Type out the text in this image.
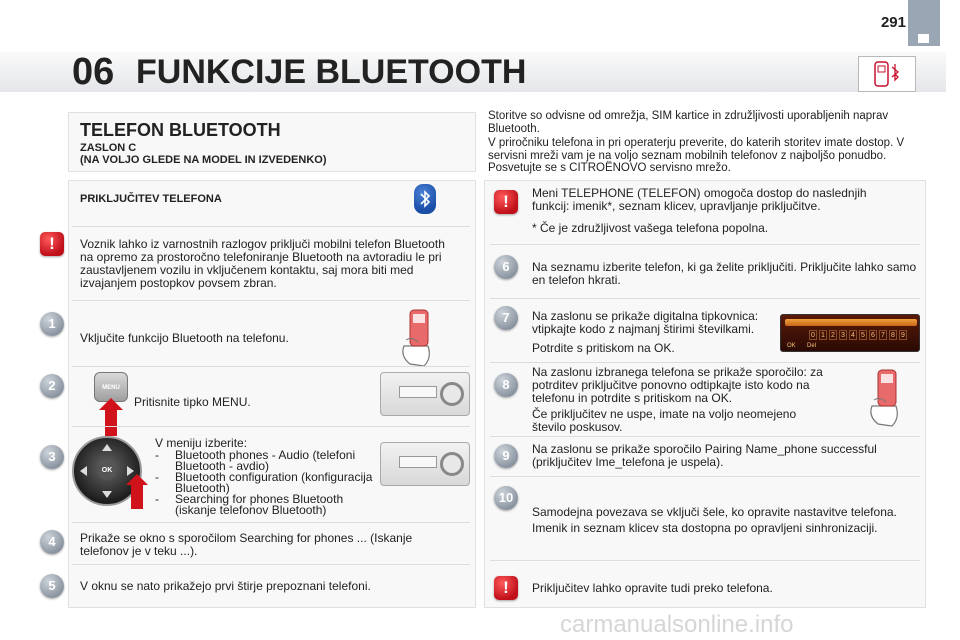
291
06 FUNKCIJE BLUETOOTH
TELEFON BLUETOOTH
ZASLON C
(NA VOLJO GLEDE NA MODEL IN IZVEDENKO)
PRIKLJUČITEV TELEFONA
!	Voznik lahko iz varnostnih razlogov priključi mobilni telefon Bluetooth na opremo za prostoročno telefoniranje Bluetooth na avtoradiu le pri zaustavljenem vozilu in vključenem kontaktu, saj mora biti med izvajanjem postopkov povsem zbran.
1
Vključite funkcijo Bluetooth na telefonu.
2	MENU
Pritisnite tipko MENU.
3
OK
V meniju izberite:
-	Bluetooth phones - Audio (telefoni Bluetooth - avdio)
-	Bluetooth configuration (konfiguracija Bluetooth)
-	Searching for phones Bluetooth (iskanje telefonov Bluetooth)
4	Prikaže se okno s sporočilom Searching for phones ... (Iskanje telefonov je v teku ...).
5	V oknu se nato prikažejo prvi štirje prepoznani telefoni.
Storitve so odvisne od omrežja, SIM kartice in združljivosti uporabljenih naprav Bluetooth.
V priročniku telefona in pri operaterju preverite, do katerih storitev imate dostop. V servisni mreži vam je na voljo seznam mobilnih telefonov z najboljšo ponudbo. Posvetujte se s CITROËNOVO servisno mrežo.
!	Meni TELEPHONE (TELEFON) omogoča dostop do naslednjih funkcij: imenik*, seznam klicev, upravljanje priključitve.
* Če je združljivost vašega telefona popolna.
6	Na seznamu izberite telefon, ki ga želite priključiti. Priključite lahko samo en telefon hkrati.
7	Na zaslonu se prikaže digitalna tipkovnica: vtipkajte kodo z najmanj štirimi številkami.
Potrdite s pritiskom na OK.
0 1 2 3 4 5 6 7 8 9
OK	Del
8
Na zaslonu izbranega telefona se prikaže sporočilo: za potrditev priključitve ponovno odtipkajte isto kodo na telefonu in potrdite s pritiskom na OK.
Če priključitev ne uspe, imate na voljo neomejeno število poskusov.
9	Na zaslonu se prikaže sporočilo Pairing Name_phone successful (priključitev Ime_telefona je uspela).
10
Samodejna povezava se vključi šele, ko opravite nastavitve telefona.
Imenik in seznam klicev sta dostopna po opravljeni sinhronizaciji.
!	Priključitev lahko opravite tudi preko telefona.
carmanualsonline.info
